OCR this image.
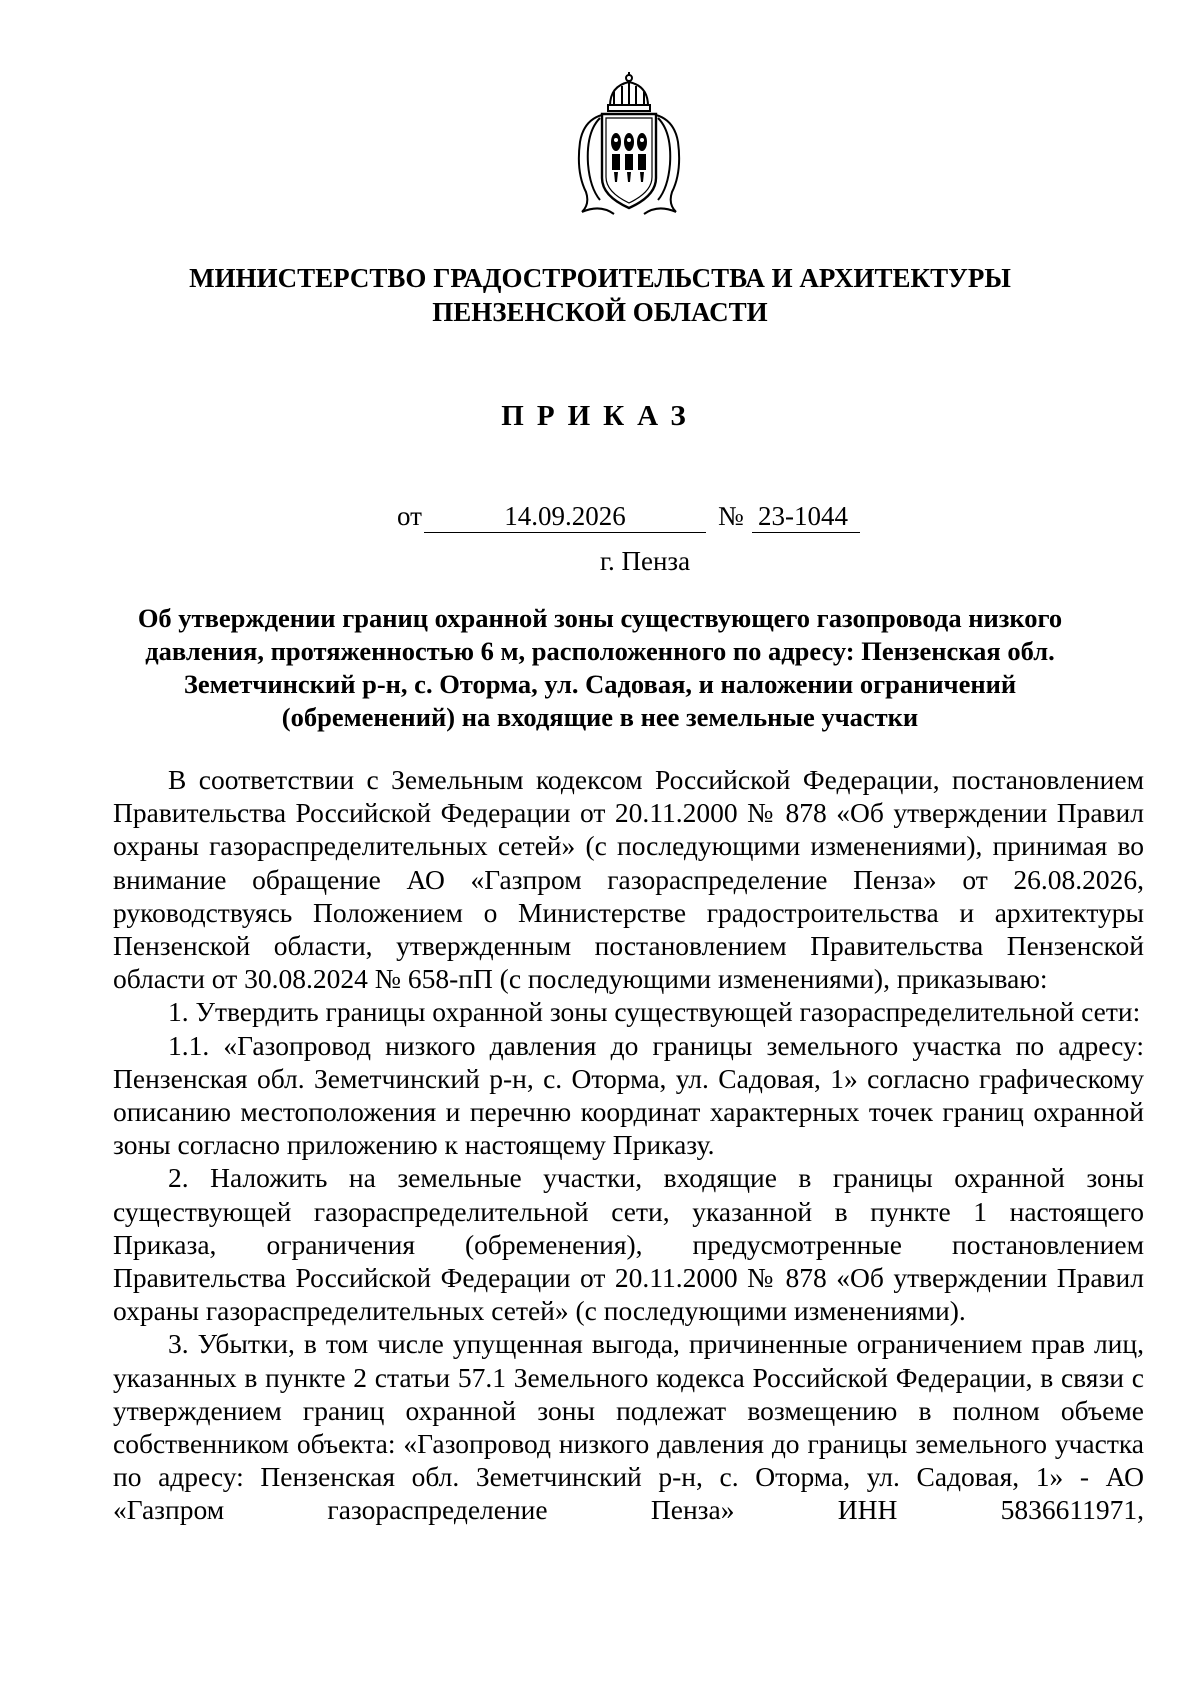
МИНИСТЕРСТВО ГРАДОСТРОИТЕЛЬСТВА И АРХИТЕКТУРЫ
ПЕНЗЕНСКОЙ ОБЛАСТИ
ПРИКАЗ
от	14.09.2026	№ 23-1044
г. Пенза
Об утверждении границ охранной зоны существующего газопровода низкого давления, протяженностью 6 м, расположенного по адресу: Пензенская обл. Земетчинский р-н, с. Оторма, ул. Садовая, и наложении ограничений (обременений) на входящие в нее земельные участки

В соответствии с Земельным кодексом Российской Федерации, постановлением Правительства Российской Федерации от 20.11.2000 № 878 «Об утверждении Правил охраны газораспределительных сетей» (с последующими изменениями), принимая во внимание обращение АО «Газпром газораспределение Пенза» от 26.08.2026, руководствуясь Положением о Министерстве градостроительства и архитектуры Пензенской области, утвержденным постановлением Правительства Пензенской области от 30.08.2024 № 658-пП (с последующими изменениями), приказываю:

1. Утвердить границы охранной зоны существующей газораспределительной сети:

1.1. «Газопровод низкого давления до границы земельного участка по адресу: Пензенская обл. Земетчинский р-н, с. Оторма, ул. Садовая, 1» согласно графическому описанию местоположения и перечню координат характерных точек границ охранной зоны согласно приложению к настоящему Приказу.

2. Наложить на земельные участки, входящие в границы охранной зоны существующей газораспределительной сети, указанной в пункте 1 настоящего Приказа, ограничения (обременения), предусмотренные постановлением Правительства Российской Федерации от 20.11.2000 № 878 «Об утверждении Правил охраны газораспределительных сетей» (с последующими изменениями).

3. Убытки, в том числе упущенная выгода, причиненные ограничением прав лиц, указанных в пункте 2 статьи 57.1 Земельного кодекса Российской Федерации, в связи с утверждением границ охранной зоны подлежат возмещению в полном объеме собственником объекта: «Газопровод низкого давления до границы земельного участка по адресу: Пензенская обл. Земетчинский р-н, с. Оторма, ул. Садовая, 1» - АО «Газпром газораспределение Пенза» ИНН 5836611971,
